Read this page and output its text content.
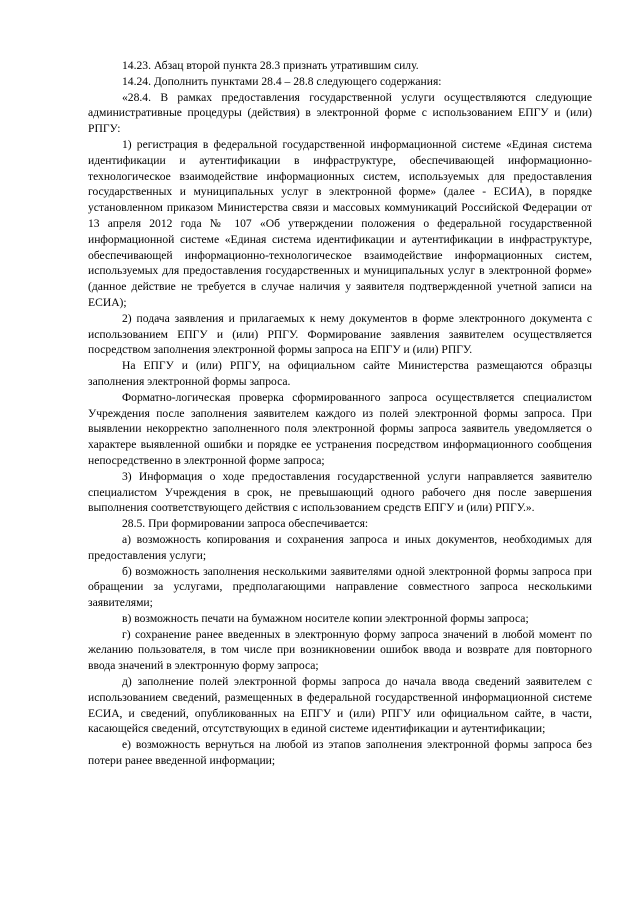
14.23. Абзац второй пункта 28.3 признать утратившим силу.

14.24. Дополнить пунктами 28.4 – 28.8 следующего содержания:

«28.4. В рамках предоставления государственной услуги осуществляются следующие административные процедуры (действия) в электронной форме с использованием ЕПГУ и (или) РПГУ:

1) регистрация в федеральной государственной информационной системе «Единая система идентификации и аутентификации в инфраструктуре, обеспечивающей информационно-технологическое взаимодействие информационных систем, используемых для предоставления государственных и муниципальных услуг в электронной форме» (далее - ЕСИА), в порядке установленном приказом Министерства связи и массовых коммуникаций Российской Федерации от 13 апреля 2012 года № 107 «Об утверждении положения о федеральной государственной информационной системе «Единая система идентификации и аутентификации в инфраструктуре, обеспечивающей информационно-технологическое взаимодействие информационных систем, используемых для предоставления государственных и муниципальных услуг в электронной форме» (данное действие не требуется в случае наличия у заявителя подтвержденной учетной записи на ЕСИА);

2) подача заявления и прилагаемых к нему документов в форме электронного документа с использованием ЕПГУ и (или) РПГУ. Формирование заявления заявителем осуществляется посредством заполнения электронной формы запроса на ЕПГУ и (или) РПГУ.

На ЕПГУ и (или) РПГУ, на официальном сайте Министерства размещаются образцы заполнения электронной формы запроса.

Форматно-логическая проверка сформированного запроса осуществляется специалистом Учреждения после заполнения заявителем каждого из полей электронной формы запроса. При выявлении некорректно заполненного поля электронной формы запроса заявитель уведомляется о характере выявленной ошибки и порядке ее устранения посредством информационного сообщения непосредственно в электронной форме запроса;

3) Информация о ходе предоставления государственной услуги направляется заявителю специалистом Учреждения в срок, не превышающий одного рабочего дня после завершения выполнения соответствующего действия с использованием средств ЕПГУ и (или) РПГУ.».

28.5. При формировании запроса обеспечивается:

а) возможность копирования и сохранения запроса и иных документов, необходимых для предоставления услуги;

б) возможность заполнения несколькими заявителями одной электронной формы запроса при обращении за услугами, предполагающими направление совместного запроса несколькими заявителями;

в) возможность печати на бумажном носителе копии электронной формы запроса;

г) сохранение ранее введенных в электронную форму запроса значений в любой момент по желанию пользователя, в том числе при возникновении ошибок ввода и возврате для повторного ввода значений в электронную форму запроса;

д) заполнение полей электронной формы запроса до начала ввода сведений заявителем с использованием сведений, размещенных в федеральной государственной информационной системе ЕСИА, и сведений, опубликованных на ЕПГУ и (или) РПГУ или официальном сайте, в части, касающейся сведений, отсутствующих в единой системе идентификации и аутентификации;

е) возможность вернуться на любой из этапов заполнения электронной формы запроса без потери ранее введенной информации;
